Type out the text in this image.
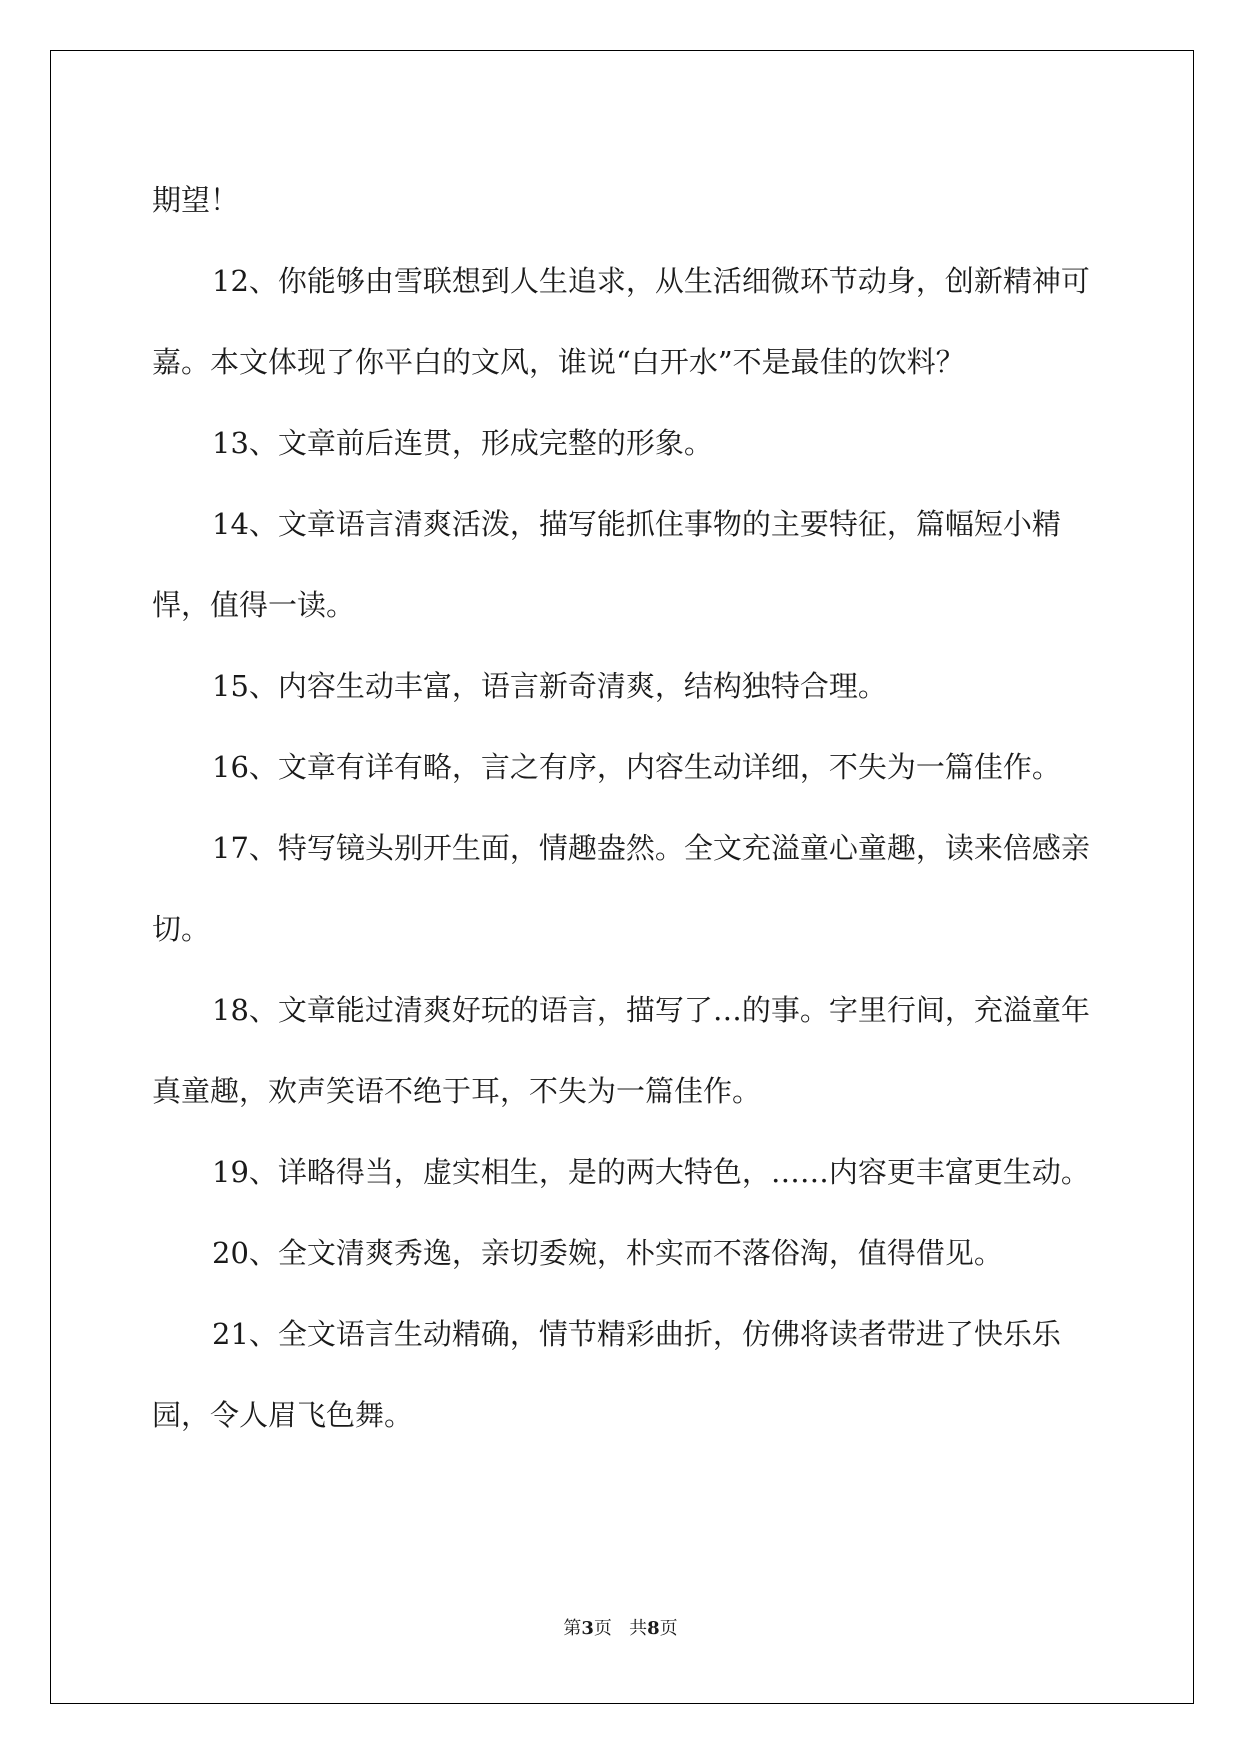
期望！

12、你能够由雪联想到人生追求，从生活细微环节动身，创新精神可嘉。本文体现了你平白的文风，谁说“白开水”不是最佳的饮料？

13、文章前后连贯，形成完整的形象。

14、文章语言清爽活泼，描写能抓住事物的主要特征，篇幅短小精悍，值得一读。

15、内容生动丰富，语言新奇清爽，结构独特合理。

16、文章有详有略，言之有序，内容生动详细，不失为一篇佳作。

17、特写镜头别开生面，情趣盎然。全文充溢童心童趣，读来倍感亲切。

18、文章能过清爽好玩的语言，描写了…的事。字里行间，充溢童年真童趣，欢声笑语不绝于耳，不失为一篇佳作。

19、详略得当，虚实相生，是的两大特色，……内容更丰富更生动。

20、全文清爽秀逸，亲切委婉，朴实而不落俗淘，值得借见。

21、全文语言生动精确，情节精彩曲折，仿佛将读者带进了快乐乐园，令人眉飞色舞。

第3页   共8页
